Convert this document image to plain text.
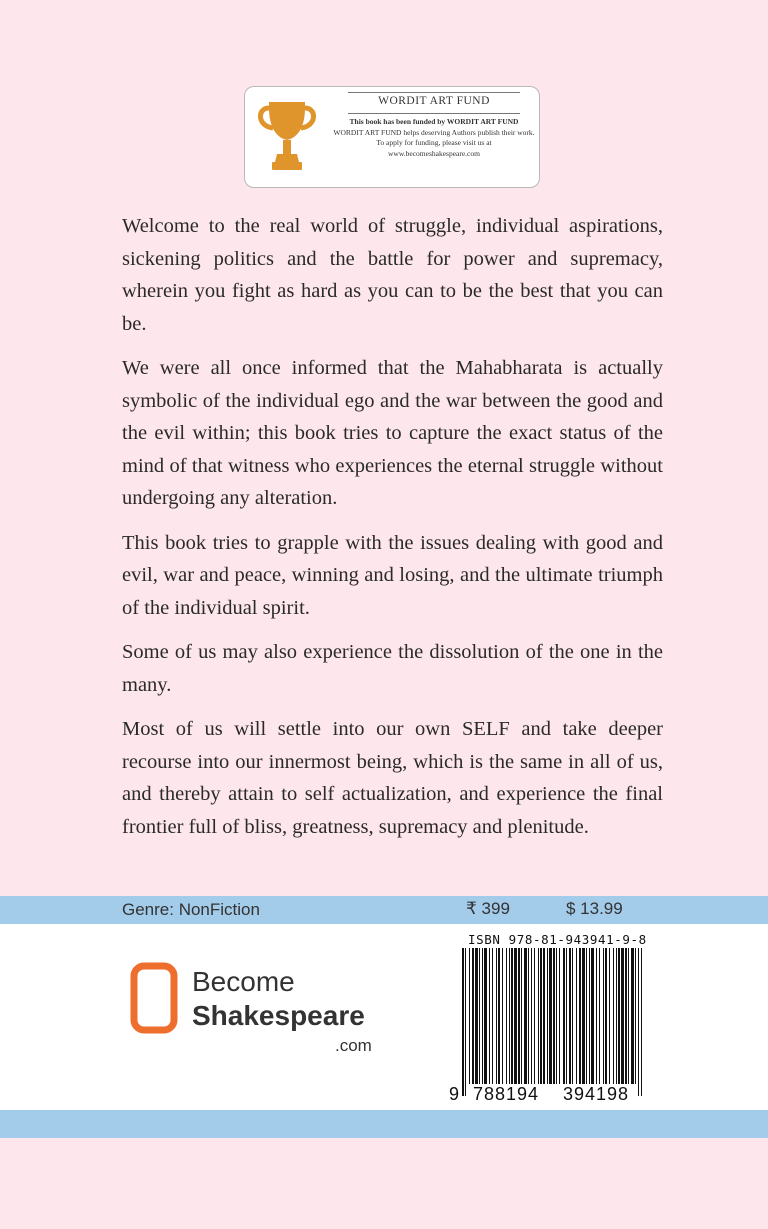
WORDIT ART FUND
This book has been funded by WORDIT ART FUND
WORDIT ART FUND helps deserving Authors publish their work.
To apply for funding, please visit us at
www.becomeshakespeare.com

Welcome to the real world of struggle, individual aspirations, sickening politics and the battle for power and supremacy, wherein you fight as hard as you can to be the best that you can be.

We were all once informed that the Mahabharata is actually symbolic of the individual ego and the war between the good and the evil within; this book tries to capture the exact status of the mind of that witness who experiences the eternal struggle without undergoing any alteration.

This book tries to grapple with the issues dealing with good and evil, war and peace, winning and losing, and the ultimate triumph of the individual spirit.

Some of us may also experience the dissolution of the one in the many.

Most of us will settle into our own SELF and take deeper recourse into our innermost being, which is the same in all of us, and thereby attain to self actualization, and experience the final frontier full of bliss, greatness, supremacy and plenitude.

Genre: NonFiction	₹ 399	$ 13.99
Become
Shakespeare
.com
ISBN 978-81-943941-9-8
9 788194 394198
